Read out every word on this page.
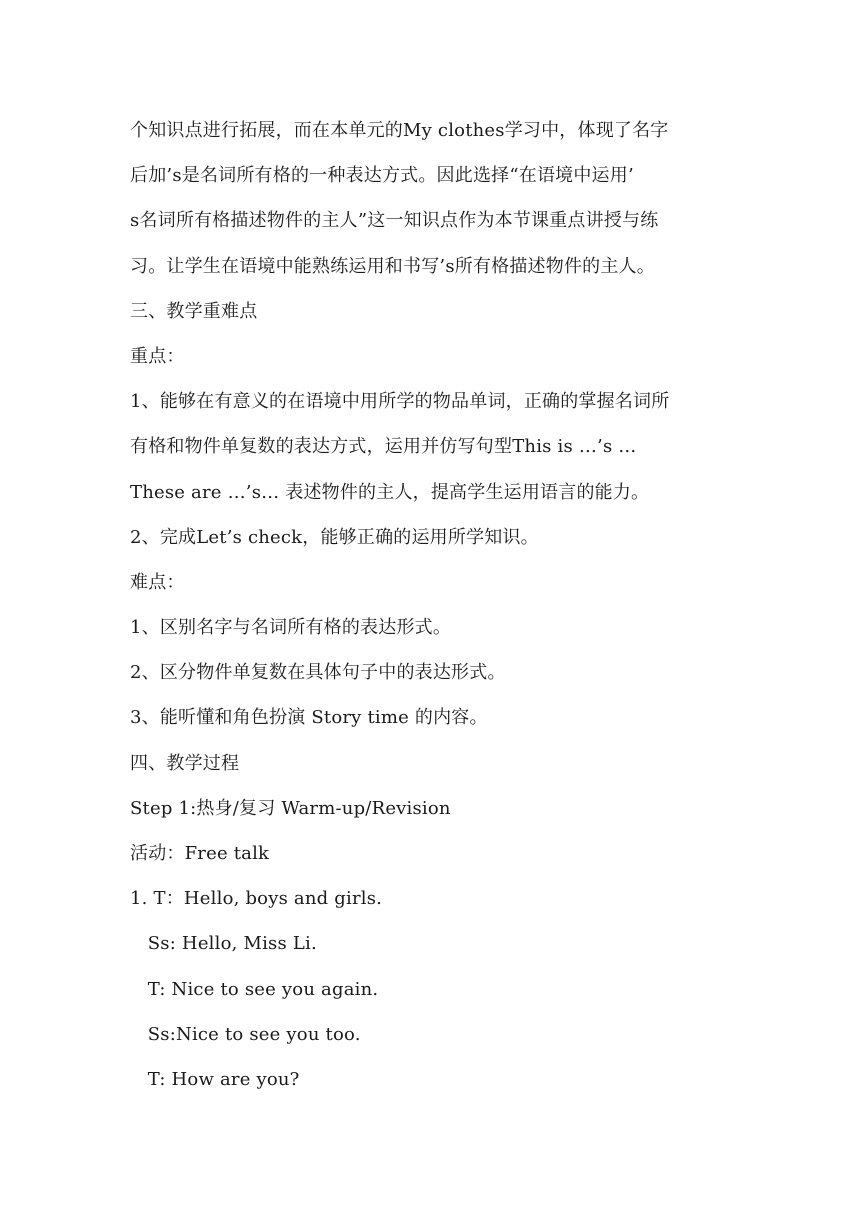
个知识点进行拓展，而在本单元的My clothes学习中，体现了名字
后加’s是名词所有格的一种表达方式。因此选择“在语境中运用’
s名词所有格描述物件的主人”这一知识点作为本节课重点讲授与练
习。让学生在语境中能熟练运用和书写’s所有格描述物件的主人。
三、教学重难点
重点：
1、能够在有意义的在语境中用所学的物品单词，正确的掌握名词所
有格和物件单复数的表达方式，运用并仿写句型This is …’s …
These are …’s… 表述物件的主人，提高学生运用语言的能力。
2、完成Let’s check，能够正确的运用所学知识。
难点：
1、区别名字与名词所有格的表达形式。
2、区分物件单复数在具体句子中的表达形式。
3、能听懂和角色扮演 Story time 的内容。
四、教学过程
Step 1:热身/复习 Warm-up/Revision
活动：Free talk
1. T：Hello, boys and girls.
Ss: Hello, Miss Li.
T: Nice to see you again.
Ss:Nice to see you too.
T: How are you?
